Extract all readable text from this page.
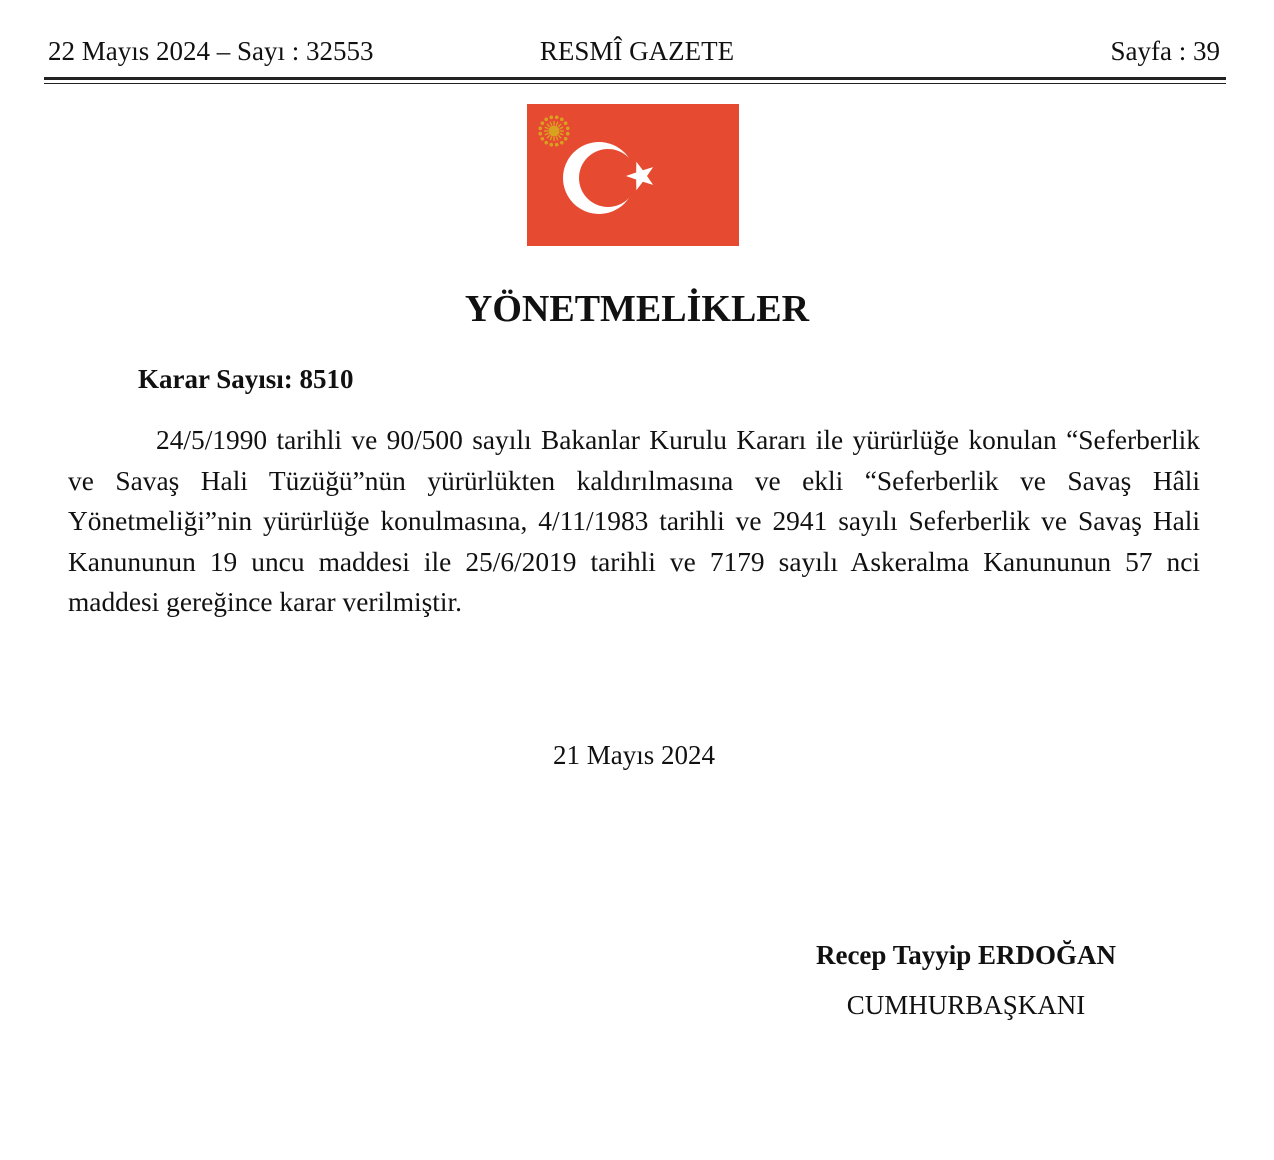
22 Mayıs 2024 – Sayı : 32553	RESMÎ GAZETE	Sayfa : 39
YÖNETMELİKLER
Karar Sayısı: 8510

24/5/1990 tarihli ve 90/500 sayılı Bakanlar Kurulu Kararı ile yürürlüğe konulan “Seferberlik ve Savaş Hali Tüzüğü”nün yürürlükten kaldırılmasına ve ekli “Seferberlik ve Savaş Hâli Yönetmeliği”nin yürürlüğe konulmasına, 4/11/1983 tarihli ve 2941 sayılı Seferberlik ve Savaş Hali Kanununun 19 uncu maddesi ile 25/6/2019 tarihli ve 7179 sayılı Askeralma Kanununun 57 nci maddesi gereğince karar verilmiştir.

21 Mayıs 2024
Recep Tayyip ERDOĞAN
CUMHURBAŞKANI
